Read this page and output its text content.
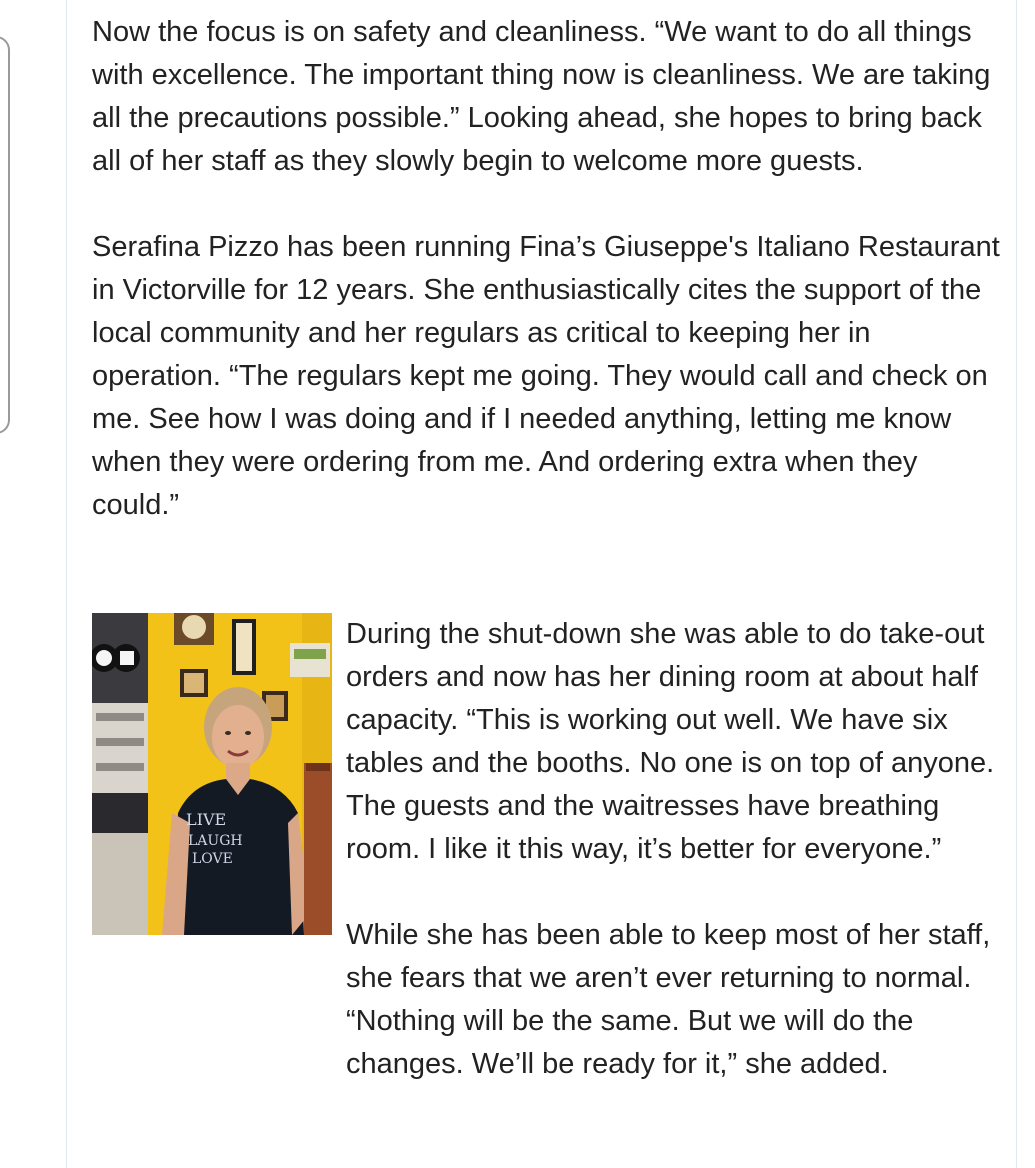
Now the focus is on safety and cleanliness. “We want to do all things with excellence. The important thing now is cleanliness. We are taking all the precautions possible.” Looking ahead, she hopes to bring back all of her staff as they slowly begin to welcome more guests.

Serafina Pizzo has been running Fina’s Giuseppe's Italiano Restaurant in Victorville for 12 years. She enthusiastically cites the support of the local community and her regulars as critical to keeping her in operation. “The regulars kept me going. They would call and check on me. See how I was doing and if I needed anything, letting me know when they were ordering from me. And ordering extra when they could.”

LIVE
LAUGH
LOVE

During the shut-down she was able to do take-out orders and now has her dining room at about half capacity. “This is working out well. We have six tables and the booths. No one is on top of anyone. The guests and the waitresses have breathing room. I like it this way, it’s better for everyone.”

While she has been able to keep most of her staff, she fears that we aren’t ever returning to normal. “Nothing will be the same. But we will do the changes. We’ll be ready for it,” she added.
